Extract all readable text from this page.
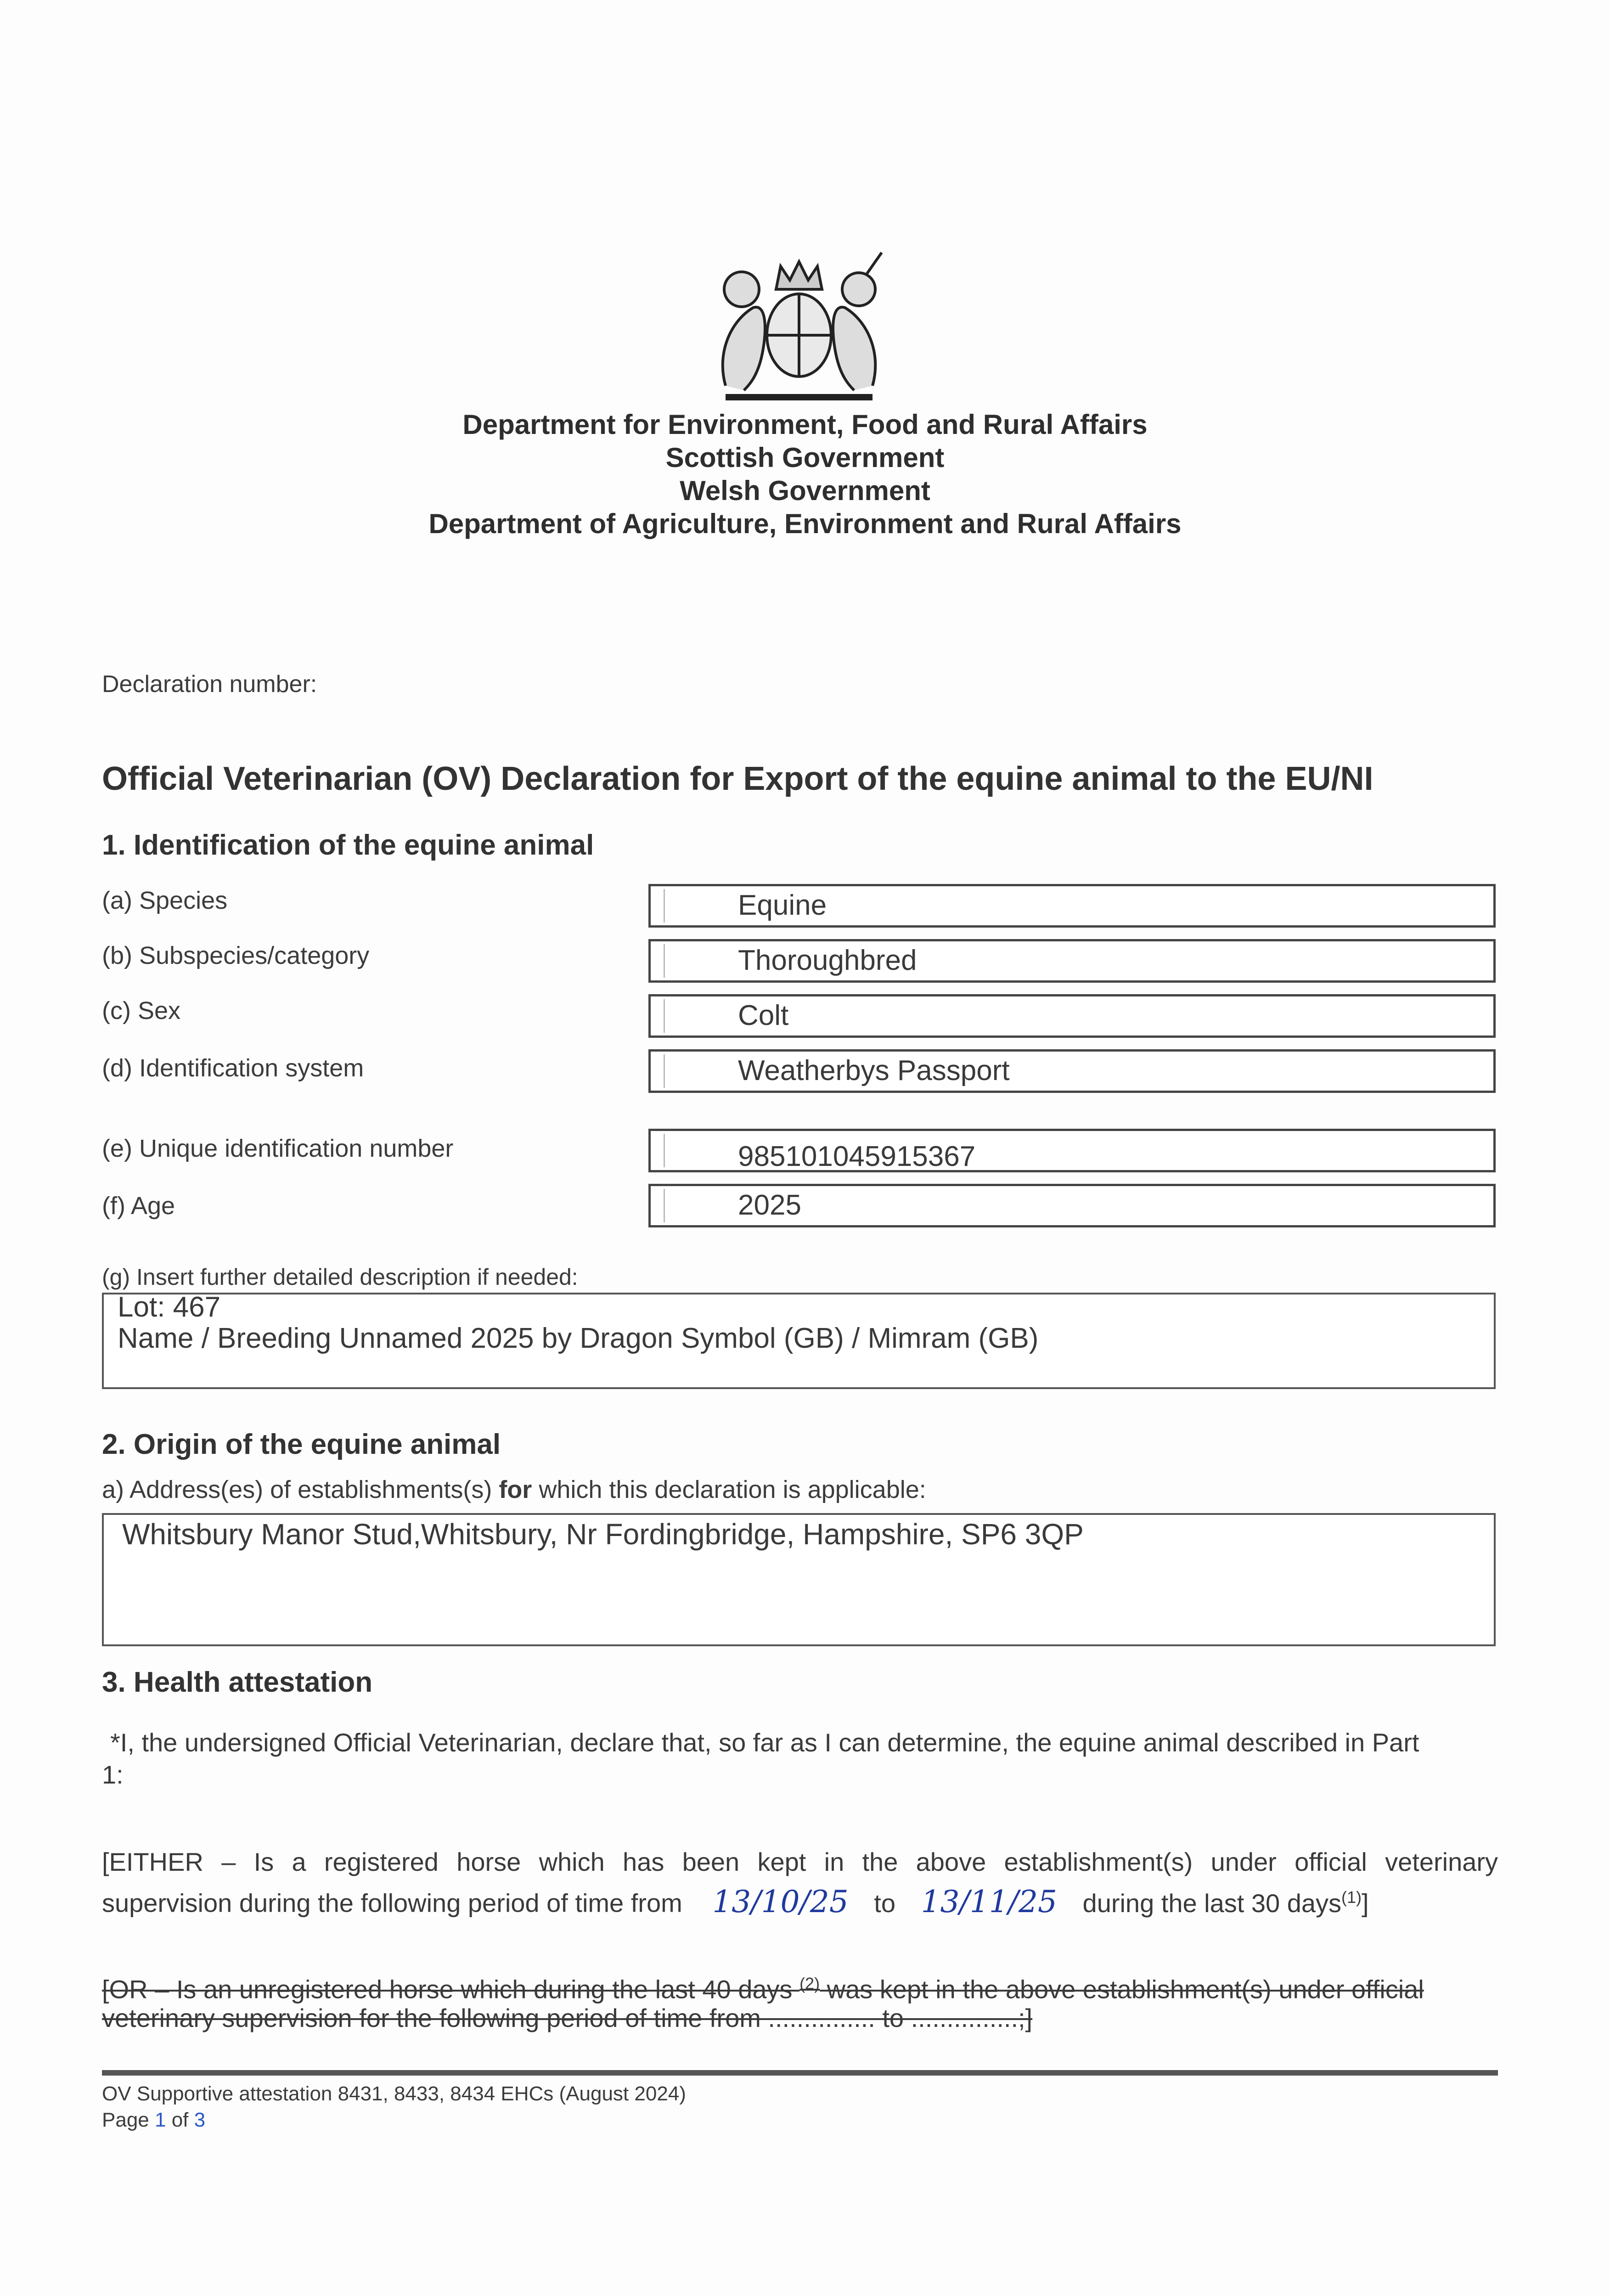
Department for Environment, Food and Rural Affairs
Scottish Government
Welsh Government
Department of Agriculture, Environment and Rural Affairs
Declaration number:
Official Veterinarian (OV) Declaration for Export of the equine animal to the EU/NI
1. Identification of the equine animal
(a) Species	Equine
(b) Subspecies/category	Thoroughbred
(c) Sex	Colt
(d) Identification system	Weatherbys Passport
(e) Unique identification number	985101045915367
(f) Age	2025
(g) Insert further detailed description if needed:
Lot: 467
Name / Breeding Unnamed 2025 by Dragon Symbol (GB) / Mimram (GB)
2. Origin of the equine animal
a) Address(es) of establishments(s) for which this declaration is applicable:
Whitsbury Manor Stud,Whitsbury, Nr Fordingbridge, Hampshire, SP6 3QP
3. Health attestation
*I, the undersigned Official Veterinarian, declare that, so far as I can determine, the equine animal described in Part
1:
[EITHER – Is a registered horse which has been kept in the above establishment(s) under official veterinary
supervision during the following period of time from 13/10/25 to 13/11/25 during the last 30 days$^{(1)}$]
[OR – Is an unregistered horse which during the last 40 days $^{(2)}$ was kept in the above establishment(s) under official
veterinary supervision for the following period of time from ............... to ...............;]
OV Supportive attestation 8431, 8433, 8434 EHCs (August 2024)
Page 1 of 3
